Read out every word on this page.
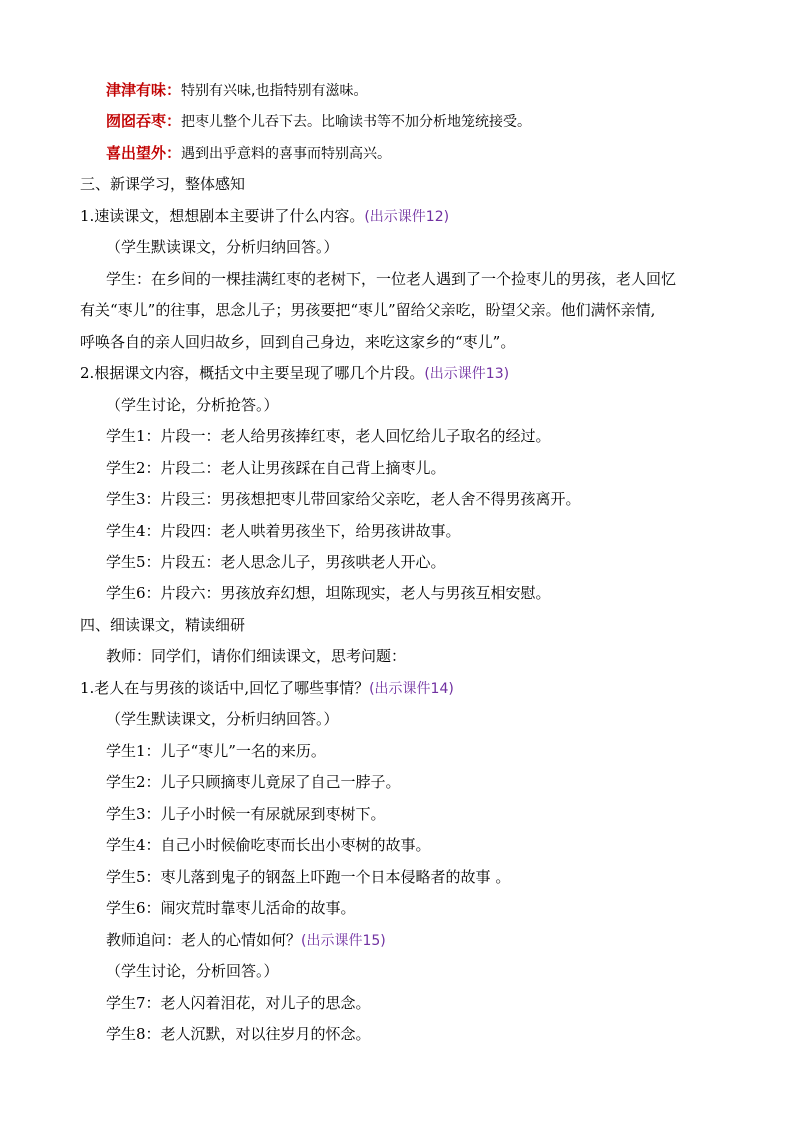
津津有味：特别有兴味,也指特别有滋味。
囫囵吞枣：把枣儿整个儿吞下去。比喻读书等不加分析地笼统接受。
喜出望外：遇到出乎意料的喜事而特别高兴。
三、新课学习，整体感知
1.速读课文，想想剧本主要讲了什么内容。(出示课件12)
（学生默读课文，分析归纳回答。）
学生：在乡间的一棵挂满红枣的老树下，一位老人遇到了一个捡枣儿的男孩，老人回忆
有关“枣儿”的往事，思念儿子；男孩要把“枣儿”留给父亲吃，盼望父亲。他们满怀亲情,
呼唤各自的亲人回归故乡，回到自己身边，来吃这家乡的“枣儿”。
2.根据课文内容，概括文中主要呈现了哪几个片段。(出示课件13)
（学生讨论，分析抢答。）
学生1：片段一：老人给男孩捧红枣，老人回忆给儿子取名的经过。
学生2：片段二：老人让男孩踩在自己背上摘枣儿。
学生3：片段三：男孩想把枣儿带回家给父亲吃，老人舍不得男孩离开。
学生4：片段四：老人哄着男孩坐下，给男孩讲故事。
学生5：片段五：老人思念儿子，男孩哄老人开心。
学生6：片段六：男孩放弃幻想，坦陈现实，老人与男孩互相安慰。
四、细读课文，精读细研
教师：同学们，请你们细读课文，思考问题：
1.老人在与男孩的谈话中,回忆了哪些事情？(出示课件14)
（学生默读课文，分析归纳回答。）
学生1：儿子“枣儿”一名的来历。
学生2：儿子只顾摘枣儿竟尿了自己一脖子。
学生3：儿子小时候一有尿就尿到枣树下。
学生4：自己小时候偷吃枣而长出小枣树的故事。
学生5：枣儿落到鬼子的钢盔上吓跑一个日本侵略者的故事 。
学生6：闹灾荒时靠枣儿活命的故事。
教师追问：老人的心情如何？(出示课件15)
（学生讨论，分析回答。）
学生7：老人闪着泪花，对儿子的思念。
学生8：老人沉默，对以往岁月的怀念。
